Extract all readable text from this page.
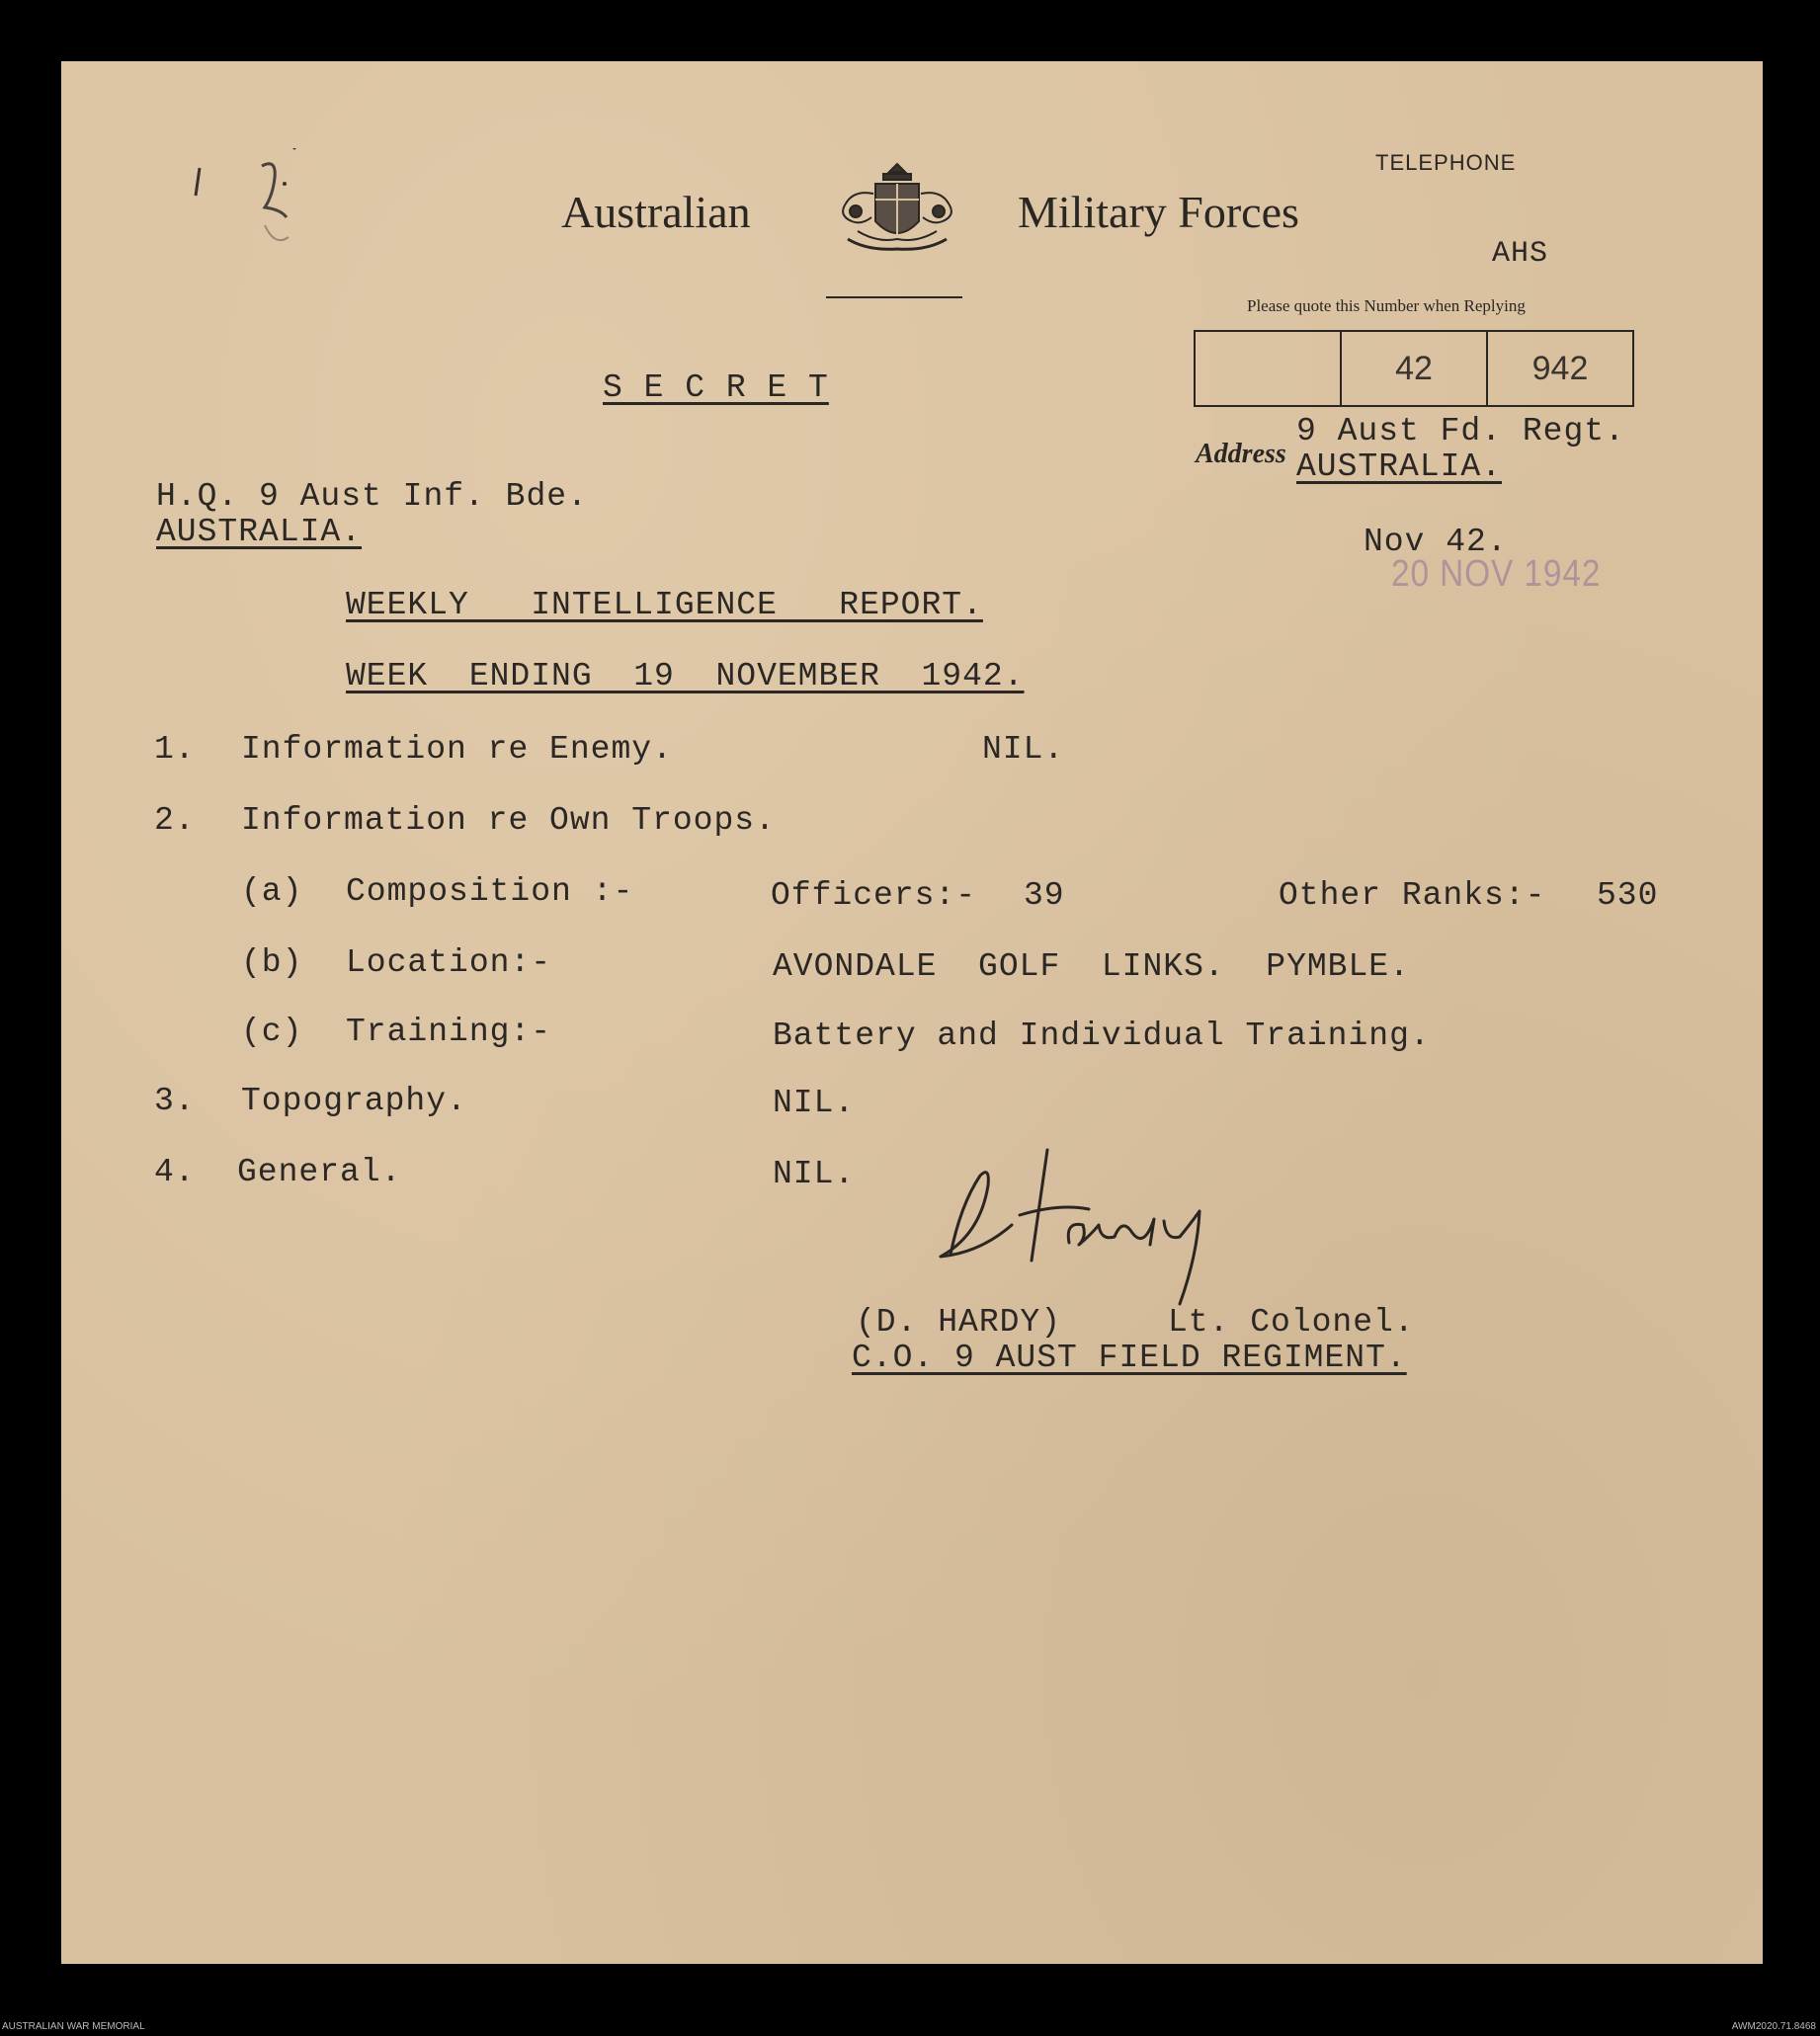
Australian	Military Forces
TELEPHONE
AHS
Please quote this Number when Replying
42	942
Address
9 Aust Fd. Regt.
AUSTRALIA.
Nov 42.
20 NOV 1942
S E C R E T
H.Q. 9 Aust Inf. Bde.
AUSTRALIA.
WEEKLY   INTELLIGENCE   REPORT.
WEEK  ENDING  19  NOVEMBER  1942.
1. Information re Enemy.	NIL.
2. Information re Own Troops.
(a) Composition :-	Officers:- 39	Other Ranks:- 530
(b) Location:-	AVONDALE  GOLF  LINKS.  PYMBLE.
(c) Training:-	Battery and Individual Training.
3. Topography.	NIL.
4. General.	NIL.
(D. HARDY)	Lt. Colonel.
C.O. 9 AUST FIELD REGIMENT.
AUSTRALIAN WAR MEMORIAL	AWM2020.71.8468
